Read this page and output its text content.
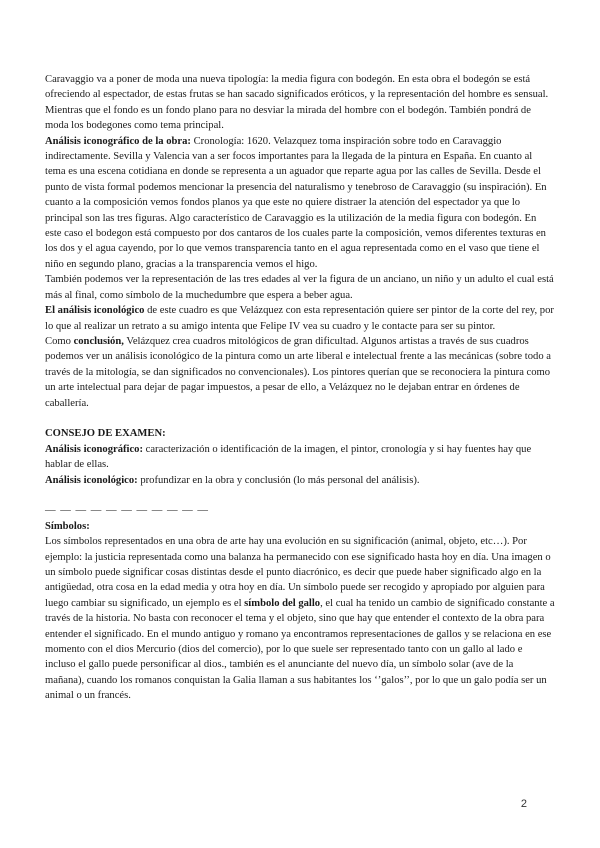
Caravaggio va a poner de moda una nueva tipología: la media figura con bodegón. En esta obra el bodegón se está ofreciendo al espectador, de estas frutas se han sacado significados eróticos, y la representación del hombre es sensual. Mientras que el fondo es un fondo plano para no desviar la mirada del hombre con el bodegón. También pondrá de moda los bodegones como tema principal.

Análisis iconográfico de la obra: Cronología: 1620. Velazquez toma inspiración sobre todo en Caravaggio indirectamente. Sevilla y Valencia van a ser focos importantes para la llegada de la pintura en España. En cuanto al tema es una escena cotidiana en donde se representa a un aguador que reparte agua por las calles de Sevilla. Desde el punto de vista formal podemos mencionar la presencia del naturalismo y tenebroso de Caravaggio (su inspiración). En cuanto a la composición vemos fondos planos ya que este no quiere distraer la atención del espectador ya que lo principal son las tres figuras. Algo característico de Caravaggio es la utilización de la media figura con bodegón. En este caso el bodegon está compuesto por dos cantaros de los cuales parte la composición, vemos diferentes texturas en los dos y el agua cayendo, por lo que vemos transparencia tanto en el agua representada como en el vaso que tiene el niño en segundo plano, gracias a la transparencia vemos el higo.

También podemos ver la representación de las tres edades al ver la figura de un anciano, un niño y un adulto el cual está más al final, como símbolo de la muchedumbre que espera a beber agua.

El análisis iconológico de este cuadro es que Velázquez con esta representación quiere ser pintor de la corte del rey, por lo que al realizar un retrato a su amigo intenta que Felipe IV vea su cuadro y le contacte para ser su pintor.

Como conclusión, Velázquez crea cuadros mitológicos de gran dificultad. Algunos artistas a través de sus cuadros podemos ver un análisis iconológico de la pintura como un arte liberal e intelectual frente a las mecánicas (sobre todo a través de la mitología, se dan significados no convencionales). Los pintores querían que se reconociera la pintura como un arte intelectual para dejar de pagar impuestos, a pesar de ello, a Velázquez no le dejaban entrar en órdenes de caballería.

CONSEJO DE EXAMEN:

Análisis iconográfico: caracterización o identificación de la imagen, el pintor, cronología y si hay fuentes hay que hablar de ellas.

Análisis iconológico: profundizar en la obra y conclusión (lo más personal del análisis).

— — — — — — — — — — —

Símbolos:

Los símbolos representados en una obra de arte hay una evolución en su significación (animal, objeto, etc…). Por ejemplo: la justicia representada como una balanza ha permanecido con ese significado hasta hoy en día. Una imagen o un símbolo puede significar cosas distintas desde el punto diacrónico, es decir que puede haber significado algo en la antigüedad, otra cosa en la edad media y otra hoy en día. Un símbolo puede ser recogido y apropiado por alguien para luego cambiar su significado, un ejemplo es el símbolo del gallo, el cual ha tenido un cambio de significado constante a través de la historia. No basta con reconocer el tema y el objeto, sino que hay que entender el contexto de la obra para entender el significado. En el mundo antiguo y romano ya encontramos representaciones de gallos y se relaciona en ese momento con el dios Mercurio (dios del comercio), por lo que suele ser representado tanto con un gallo al lado e incluso el gallo puede personificar al dios., también es el anunciante del nuevo día, un símbolo solar (ave de la mañana), cuando los romanos conquistan la Galia llaman a sus habitantes los ‘’galos’’, por lo que un galo podía ser un animal o un francés.

2
